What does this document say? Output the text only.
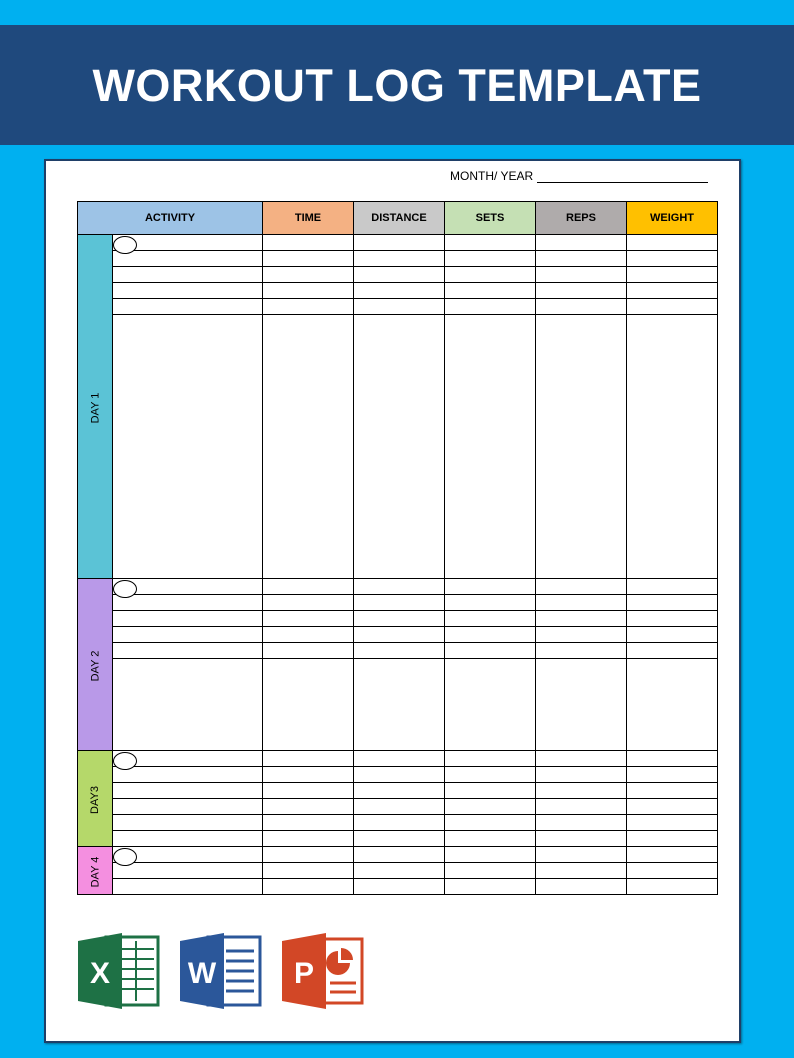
WORKOUT LOG TEMPLATE
MONTH/ YEAR
ACTIVITY		TIME	DISTANCE	SETS	REPS	WEIGHT
DAY 1	

DAY 2	

DAY3	

DAY 4	

X	W	P
